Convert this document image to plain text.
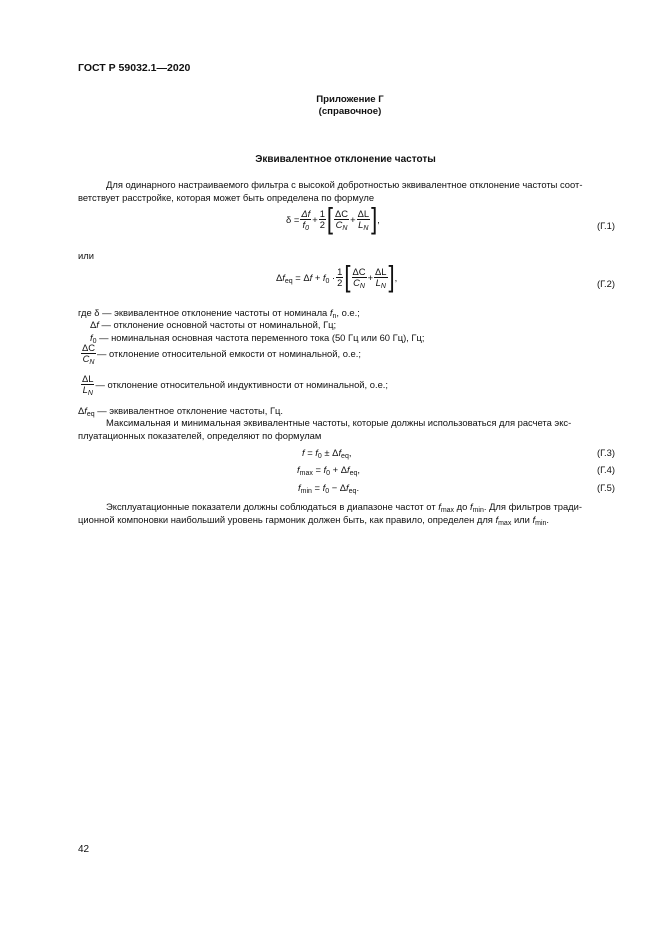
ГОСТ Р 59032.1—2020
Приложение Г
(справочное)
Эквивалентное отклонение частоты
Для одинарного настраиваемого фильтра с высокой добротностью эквивалентное отклонение частоты соот-
ветствует расстройке, которая может быть определена по формуле
$\delta = \frac{\Delta f}{f_0} + \frac{1}{2}$ [ ΔC
$C_N$
+ $\frac{\Delta L}{L_N}$ ] ,
(Г.1)
или
$\Delta f_{eq} = \Delta f + f_0$ ·
1
2 [ ΔC
$C_N$
+ $\frac{\Delta L}{L_N}$ ] ,
(Г.2)
где δ — эквивалентное отклонение частоты от номинала $f_n$, о.е.;
Δf — отклонение основной частоты от номинальной, Гц;
$f_0$ — номинальная основная частота переменного тока (50 Гц или 60 Гц), Гц;
ΔC
$C_N$
— отклонение относительной емкости от номинальной, о.е.;
ΔL
$L_N$
— отклонение относительной индуктивности от номинальной, о.е.;
$\Delta f_{eq}$ — эквивалентное отклонение частоты, Гц.
Максимальная и минимальная эквивалентные частоты, которые должны использоваться для расчета экс-
плуатационных показателей, определяют по формулам
$f = f_0 \pm \Delta f_{eq}$,	(Г.3)
$f_{max} = f_0 + \Delta f_{eq}$,	(Г.4)
$f_{min} = f_0 - \Delta f_{eq}$.	(Г.5)
Эксплуатационные показатели должны соблюдаться в диапазоне частот от $f_{max}$ до $f_{min}$. Для фильтров тради-
ционной компоновки наибольший уровень гармоник должен быть, как правило, определен для $f_{max}$ или $f_{min}$.
42
